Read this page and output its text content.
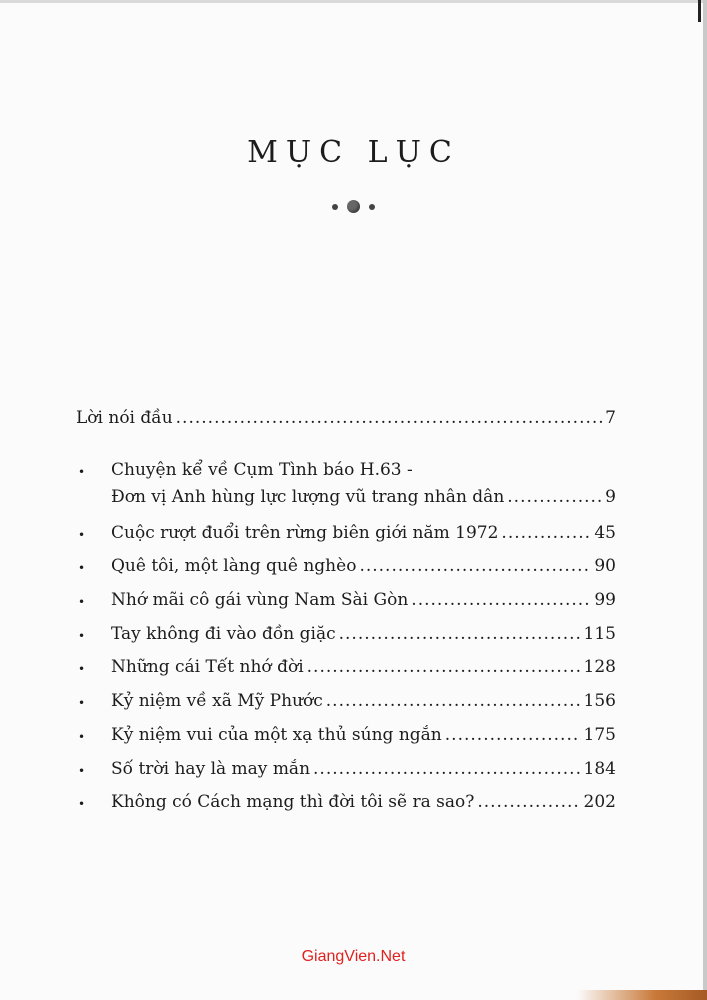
MỤC LỤC
Lời nói đầu .....	7
• Chuyện kể về Cụm Tình báo H.63 -
Đơn vị Anh hùng lực lượng vũ trang nhân dân .....	9
• Cuộc rượt đuổi trên rừng biên giới năm 1972 .....	45
• Quê tôi, một làng quê nghèo .....	90
• Nhớ mãi cô gái vùng Nam Sài Gòn .....	99
• Tay không đi vào đồn giặc .....	115
• Những cái Tết nhớ đời .....	128
• Kỷ niệm về xã Mỹ Phước .....	156
• Kỷ niệm vui của một xạ thủ súng ngắn .....	175
• Số trời hay là may mắn .....	184
• Không có Cách mạng thì đời tôi sẽ ra sao? .....	202
GiangVien.Net
